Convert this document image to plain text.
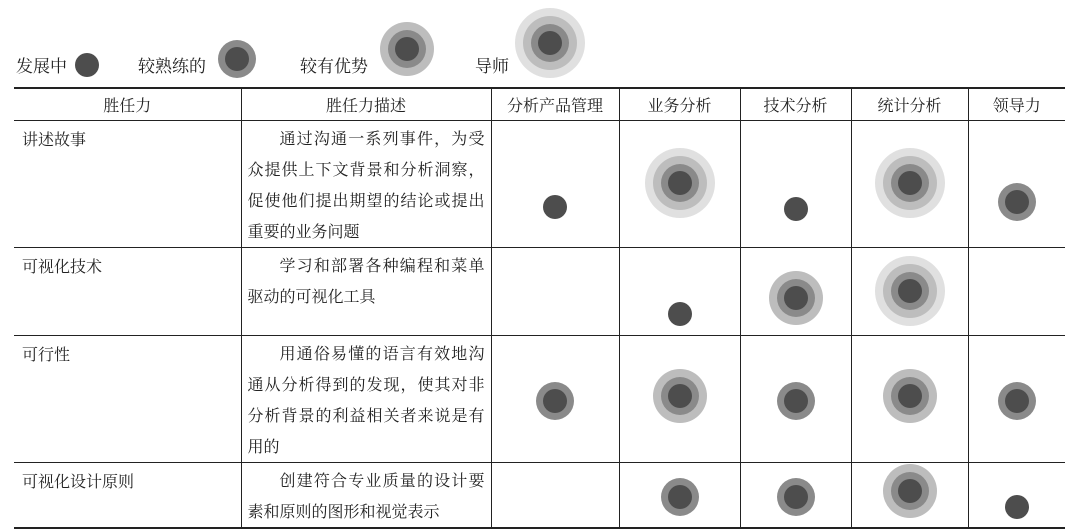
发展中	较熟练的	较有优势	导师
胜任力	胜任力描述	分析产品管理	业务分析	技术分析	统计分析	领导力
讲述故事	通过沟通一系列事件，为受众提供上下文背景和分析洞察，促使他们提出期望的结论或提出重要的业务问题	

可视化技术	学习和部署各种编程和菜单驱动的可视化工具		

可行性	用通俗易懂的语言有效地沟通从分析得到的发现，使其对非分析背景的利益相关者来说是有用的	

可视化设计原则	创建符合专业质量的设计要素和原则的图形和视觉表示		
